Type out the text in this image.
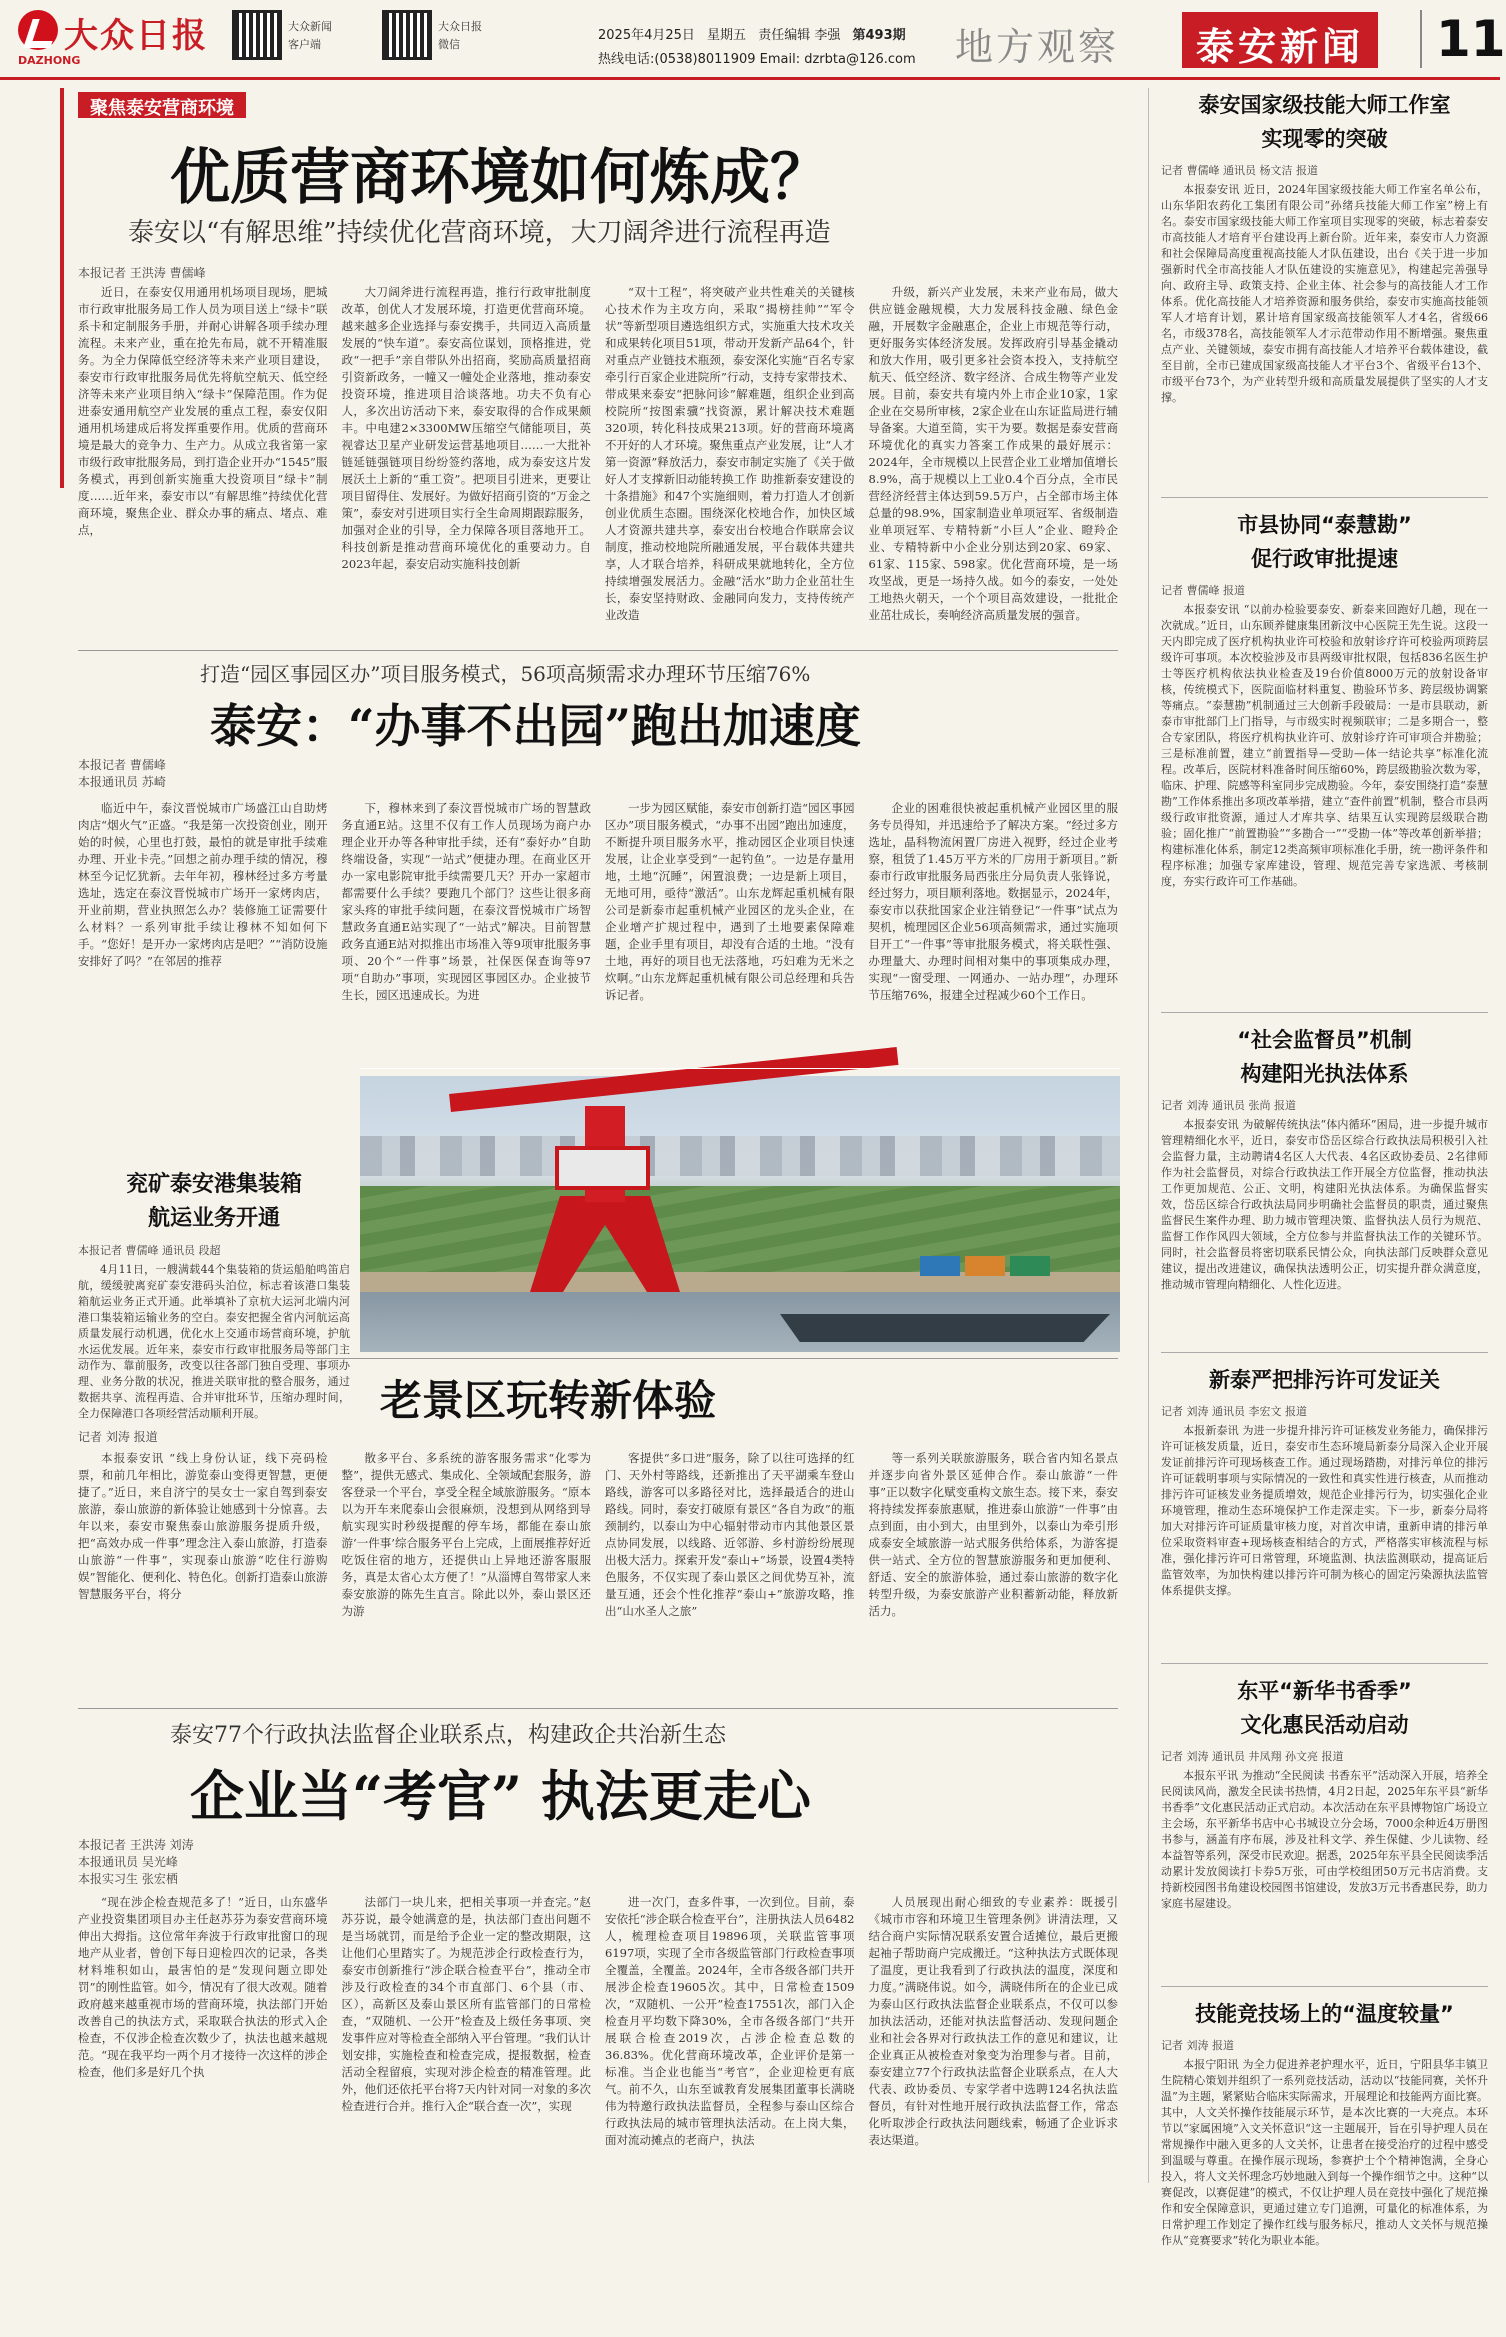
大众日报
DAZHONG
大众新闻
客户端
大众日报
微信
2025年4月25日 星期五 责任编辑 李强 第493期
热线电话:(0538)8011909 Email: dzrbta@126.com 地方观察	泰安新闻	11
聚焦泰安营商环境
优质营商环境如何炼成？
泰安以“有解思维”持续优化营商环境，大刀阔斧进行流程再造
本报记者 王洪涛 曹儒峰

近日，在泰安仅用通用机场项目现场，肥城市行政审批服务局工作人员为项目送上“绿卡”联系卡和定制服务手册，并耐心讲解各项手续办理流程。未来产业，重在抢先布局，就不开精准服务。为全力保障低空经济等未来产业项目建设，泰安市行政审批服务局优先将航空航天、低空经济等未来产业项目纳入“绿卡”保障范围。作为促进泰安通用航空产业发展的重点工程，泰安仅阳通用机场建成后将发挥重要作用。优质的营商环境是最大的竞争力、生产力。从成立我省第一家市级行政审批服务局，到打造企业开办“1545”服务模式，再到创新实施重大投资项目“绿卡”制度……近年来，泰安市以“有解思维”持续优化营商环境，聚焦企业、群众办事的痛点、堵点、难点，

大刀阔斧进行流程再造，推行行政审批制度改革，创优人才发展环境，打造更优营商环境。越来越多企业选择与泰安携手，共同迈入高质量发展的“快车道”。泰安高位谋划，顶格推进，党政“一把手”亲自带队外出招商，奖励高质量招商引资新政务，一幢又一幢处企业落地，推动泰安投资环境，推进项目洽谈落地。功夫不负有心人，多次出访活动下来，泰安取得的合作成果颇丰。中电建2×3300MW压缩空气储能项目，英视睿达卫星产业研发运营基地项目……一大批补链延链强链项目纷纷签约落地，成为泰安这片发展沃土上新的“重工资”。把项目引进来，更要让项目留得住、发展好。为做好招商引资的“万金之策”，泰安对引进项目实行全生命周期跟踪服务，加强对企业的引导，全力保障各项目落地开工。科技创新是推动营商环境优化的重要动力。自2023年起，泰安启动实施科技创新

“双十工程”，将突破产业共性难关的关键核心技术作为主攻方向，采取“揭榜挂帅”“军令状”等新型项目遴选组织方式，实施重大技术攻关和成果转化项目51项，带动开发新产品64个，针对重点产业链技术瓶颈，泰安深化实施“百名专家牵引行百家企业进院所”行动，支持专家带技术、带成果来泰安“把脉问诊”解难题，组织企业到高校院所“按图索骥”找资源，累计解决技术难题320项，转化科技成果213项。好的营商环境离不开好的人才环境。聚焦重点产业发展，让“人才第一资源”释放活力，泰安市制定实施了《关于做好人才支撑新旧动能转换工作 助推新泰安建设的十条措施》和47个实施细则，着力打造人才创新创业优质生态圈。围绕深化校地合作，加快区域人才资源共建共享，泰安出台校地合作联席会议制度，推动校地院所融通发展，平台载体共建共享，人才联合培养，科研成果就地转化，全方位持续增强发展活力。金融“活水”助力企业茁壮生长，泰安坚持财政、金融同向发力，支持传统产业改造

升级，新兴产业发展，未来产业布局，做大供应链金融规模，大力发展科技金融、绿色金融，开展数字金融惠企，企业上市规范等行动，更好服务实体经济发展。发挥政府引导基金撬动和放大作用，吸引更多社会资本投入，支持航空航天、低空经济、数字经济、合成生物等产业发展。目前，泰安共有境内外上市企业10家，1家企业在交易所审核，2家企业在山东证监局进行辅导备案。大道至简，实干为要。数据是泰安营商环境优化的真实力答案工作成果的最好展示：2024年，全市规模以上民营企业工业增加值增长8.9%，高于规模以上工业0.4个百分点，全市民营经济经营主体达到59.5万户，占全部市场主体总量的98.9%，国家制造业单项冠军、省级制造业单项冠军、专精特新“小巨人”企业、瞪羚企业、专精特新中小企业分别达到20家、69家、61家、115家、598家。优化营商环境，是一场攻坚战，更是一场持久战。如今的泰安，一处处工地热火朝天，一个个项目高效建设，一批批企业茁壮成长，奏响经济高质量发展的强音。

打造“园区事园区办”项目服务模式，56项高频需求办理环节压缩76%
泰安：“办事不出园”跑出加速度
本报记者 曹儒峰
本报通讯员 苏崎

临近中午，泰汶晋悦城市广场盛江山自助烤肉店“烟火气”正盛。“我是第一次投资创业，刚开始的时候，心里也打鼓，最怕的就是审批手续难办理、开业卡壳。”回想之前办理手续的情况，穆林至今记忆犹新。去年年初，穆林经过多方考量选址，选定在泰汶晋悦城市广场开一家烤肉店，开业前期，营业执照怎么办？装修施工证需要什么材料？一系列审批手续让穆林不知如何下手。“您好！是开办一家烤肉店是吧？”“消防设施安排好了吗？”在邻居的推荐

下，穆林来到了泰汶晋悦城市广场的智慧政务直通E站。这里不仅有工作人员现场为商户办理企业开办等各种审批手续，还有“泰好办”自助终端设备，实现“一站式”便捷办理。在商业区开办一家电影院审批手续需要几天？开办一家超市都需要什么手续？要跑几个部门？这些让很多商家头疼的审批手续问题，在泰汶晋悦城市广场智慧政务直通E站实现了“一站式”解决。目前智慧政务直通E站对拟推出市场准入等9项审批服务事项、20个“一件事”场景，社保医保查询等97项“自助办”事项，实现园区事园区办。企业披节生长，园区迅速成长。为进

一步为园区赋能，泰安市创新打造“园区事园区办”项目服务模式，“办事不出园”跑出加速度，不断提升项目服务水平，推动园区企业项目快速发展，让企业享受到“一起钓鱼”。一边是存量用地，土地“沉睡”，闲置浪费；一边是新上项目，无地可用，亟待“激活”。山东龙辉起重机械有限公司是新泰市起重机械产业园区的龙头企业，在企业增产扩规过程中，遇到了土地要素保障难题，企业手里有项目，却没有合适的土地。“没有土地，再好的项目也无法落地，巧妇难为无米之炊啊。”山东龙辉起重机械有限公司总经理和兵告诉记者。

企业的困难很快被起重机械产业园区里的服务专员得知，并迅速给予了解决方案。“经过多方选址，晶科物流闲置厂房进入视野，经过企业考察，租赁了1.45万平方米的厂房用于新项目。”新泰市行政审批服务局西张庄分局负责人张锋说，经过努力，项目顺利落地。数据显示，2024年，泰安市以获批国家企业注销登记“一件事”试点为契机，梳理园区企业56项高频需求，通过实施项目开工“一件事”等审批服务模式，将关联性强、办理量大、办理时间相对集中的事项集成办理，实现“一窗受理、一网通办、一站办理”，办理环节压缩76%，报建全过程减少60个工作日。

兖矿泰安港集装箱
航运业务开通
本报记者 曹儒峰 通讯员 段超

4月11日，一艘满载44个集装箱的货运船舶鸣笛启航，缓缓驶离兖矿泰安港码头泊位，标志着该港口集装箱航运业务正式开通。此举填补了京杭大运河北端内河港口集装箱运输业务的空白。泰安把握全省内河航运高质量发展行动机遇，优化水上交通市场营商环境，护航水运优发展。近年来，泰安市行政审批服务局等部门主动作为、靠前服务，改变以往各部门独自受理、事项办理、业务分散的状况，推进关联审批的整合服务，通过数据共享、流程再造、合并审批环节，压缩办理时间，全力保障港口各项经营活动顺利开展。	老景区玩转新体验
记者 刘涛 报道

本报泰安讯 “线上身份认证，线下亮码检票，和前几年相比，游览泰山变得更智慧，更便捷了。”近日，来自济宁的吴女士一家自驾到泰安旅游，泰山旅游的新体验让她感到十分惊喜。去年以来，泰安市聚焦泰山旅游服务提质升级，把“高效办成一件事”理念注入泰山旅游，打造泰山旅游“一件事”，实现泰山旅游“吃住行游购娱”智能化、便利化、特色化。创新打造泰山旅游智慧服务平台，将分

散多平台、多系统的游客服务需求“化零为整”，提供无感式、集成化、全领域配套服务，游客登录一个平台，享受全程全域旅游服务。“原本以为开车来爬泰山会很麻烦，没想到从网络到导航实现实时秒级提醒的停车场，都能在泰山旅游‘一件事’综合服务平台上完成，上面展推荐好近吃饭住宿的地方，还提供山上异地还游客服服务，真是太省心太方便了！”从淄博自驾带家人来泰安旅游的陈先生直言。除此以外，泰山景区还为游

客提供“多口进”服务，除了以往可选择的红门、天外村等路线，还新推出了天平湖乘车登山路线，游客可以多路径对比，选择最适合的进山路线。同时，泰安打破原有景区“各自为政”的瓶颈制约，以泰山为中心辐射带动市内其他景区景点协同发展，以线路、近邻游、乡村游纷纷展现出极大活力。探索开发“泰山+”场景，设置4类特色服务，不仅实现了泰山景区之间优势互补，流量互通，还会个性化推荐“泰山+”旅游攻略，推出“山水圣人之旅”

等一系列关联旅游服务，联合省内知名景点并逐步向省外景区延伸合作。泰山旅游“一件事”正以数字化赋变重构文旅生态。接下来，泰安将持续发挥泰旅惠赋，推进泰山旅游“一件事”由点到面，由小到大，由里到外，以泰山为牵引形成泰安全域旅游一站式服务供给体系，为游客提供一站式、全方位的智慧旅游服务和更加便利、舒适、安全的旅游体验，通过泰山旅游的数字化转型升级，为泰安旅游产业积蓄新动能，释放新活力。

泰安77个行政执法监督企业联系点，构建政企共治新生态
企业当“考官” 执法更走心
本报记者 王洪涛 刘涛
本报通讯员 吴光峰
本报实习生 张宏栖

“现在涉企检查规范多了！”近日，山东盛华产业投资集团项目办主任赵苏芬为泰安营商环境伸出大拇指。这位常年奔波于行政审批窗口的现地产从业者，曾创下每日迎检四次的记录，各类材料堆积如山，最害怕的是“发现问题立即处罚”的刚性监管。如今，情况有了很大改观。随着政府越来越重视市场的营商环境，执法部门开始改善自己的执法方式，采取联合执法的形式入企检查，不仅涉企检查次数少了，执法也越来越规范。“现在我平均一两个月才接待一次这样的涉企检查，他们多是好几个执

法部门一块儿来，把相关事项一并查完。”赵苏芬说，最令她满意的是，执法部门查出问题不是当场就罚，而是给予企业一定的整改期限，这让他们心里踏实了。为规范涉企行政检查行为，泰安市创新推行“涉企联合检查平台”，推动全市涉及行政检查的34个市直部门、6个县（市、区），高新区及泰山景区所有监管部门的日常检查，“双随机、一公开”检查及上级任务事项、突发事件应对等检查全部纳入平台管理。“我们认计划安排，实施检查和检查完成，提报数据，检查活动全程留痕，实现对涉企检查的精准管理。此外，他们还依托平台将7天内针对同一对象的多次检查进行合并。推行入企“联合查一次”，实现

进一次门，查多件事，一次到位。目前，泰安依托“涉企联合检查平台”，注册执法人员6482人，梳理检查项目19896项，关联监管事项6197项，实现了全市各级监管部门行政检查事项全覆盖，全覆盖。2024年，全市各级各部门共开展涉企检查19605次。其中，日常检查1509次，“双随机、一公开”检查17551次，部门入企检查月平均数下降30%，全市各级各部门“共开展联合检查2019次，占涉企检查总数的36.83%。优化营商环境改革，企业评价是第一标准。当企业也能当“考官”，企业迎检更有底气。前不久，山东至诚教育发展集团董事长满晓伟为特邀行政执法监督员，全程参与泰山区综合行政执法局的城市管理执法活动。在上岗大集，面对流动摊点的老商户，执法

人员展现出耐心细致的专业素养：既援引《城市市容和环境卫生管理条例》讲清法理，又结合商户实际情况联系安置合适摊位，最后更搬起袖子帮助商户完成搬迁。“这种执法方式既体现了温度，更让我看到了行政执法的温度，深度和力度。”满晓伟说。如今，满晓伟所在的企业已成为泰山区行政执法监督企业联系点，不仅可以参加执法活动，还能对执法监督活动、发现问题企业和社会各界对行政执法工作的意见和建议，让企业真正从被检查对象变为治理参与者。目前，泰安建立77个行政执法监督企业联系点，在人大代表、政协委员、专家学者中选聘124名执法监督员，有针对性地开展行政执法监督工作，常态化听取涉企行政执法问题线索，畅通了企业诉求表达渠道。

泰安国家级技能大师工作室
实现零的突破
记者 曹儒峰 通讯员 杨文洁 报道

本报泰安讯 近日，2024年国家级技能大师工作室名单公布，山东华阳农药化工集团有限公司“孙绪兵技能大师工作室”榜上有名。泰安市国家级技能大师工作室项目实现零的突破，标志着泰安市高技能人才培育平台建设再上新台阶。近年来，泰安市人力资源和社会保障局高度重视高技能人才队伍建设，出台《关于进一步加强新时代全市高技能人才队伍建设的实施意见》，构建起完善强导向、政府主导、政策支持、企业主体、社会参与的高技能人才工作体系。优化高技能人才培养资源和服务供给，泰安市实施高技能领军人才培育计划，累计培育国家级高技能领军人才4名，省级66名，市级378名，高技能领军人才示范带动作用不断增强。聚焦重点产业、关键领域，泰安市拥有高技能人才培养平台载体建设，截至目前，全市已建成国家级高技能人才平台3个、省级平台13个、市级平台73个，为产业转型升级和高质量发展提供了坚实的人才支撑。

市县协同“泰慧勘”
促行政审批提速
记者 曹儒峰 报道

本报泰安讯 “以前办检验要泰安、新泰来回跑好几趟，现在一次就成。”近日，山东顾养健康集团新汶中心医院王先生说。这段一天内即完成了医疗机构执业许可校验和放射诊疗许可校验两项跨层级许可事项。本次校验涉及市县两级审批权限，包括836名医生护士等医疗机构依法执业检查及19台价值8000万元的放射设备审核，传统模式下，医院面临材料重复、勘验环节多、跨层级协调繁等痛点。“泰慧勘”机制通过三大创新手段破局：一是市县联动，新泰市审批部门上门指导，与市级实时视频联审；二是多期合一，整合专家团队，将医疗机构执业许可、放射诊疗许可审项合并勘验；三是标准前置，建立“前置指导—受助—体一结论共享”标准化流程。改革后，医院材料准备时间压缩60%，跨层级勘验次数为零，临床、护理、院感等科室同步完成勘验。今年，泰安围绕打造“泰慧勘”工作体系推出多项改革举措，建立“查件前置”机制，整合市县两级行政审批资源，通过人才库共享、结果互认实现跨层级联合勘验；固化推广“前置勘验”“多勘合一”“受勘一体”等改革创新举措；构建标准化体系，制定12类高频审项标准化手册，统一勘评条件和程序标准；加强专家库建设，管理、规范完善专家选派、考核制度，夯实行政许可工作基础。

“社会监督员”机制
构建阳光执法体系
记者 刘涛 通讯员 张尚 报道

本报泰安讯 为破解传统执法“体内循环”困局，进一步提升城市管理精细化水平，近日，泰安市岱岳区综合行政执法局积极引入社会监督力量，主动聘请4名区人大代表、4名区政协委员、2名律师作为社会监督员，对综合行政执法工作开展全方位监督，推动执法工作更加规范、公正、文明，构建阳光执法体系。为确保监督实效，岱岳区综合行政执法局同步明确社会监督员的职责，通过聚焦监督民生案件办理、助力城市管理决策、监督执法人员行为规范、监督工作作风四大领域，全方位参与并监督执法工作的关键环节。同时，社会监督员将密切联系民情公众，向执法部门反映群众意见建议，提出改进建议，确保执法透明公正，切实提升群众满意度，推动城市管理向精细化、人性化迈进。

新泰严把排污许可发证关
记者 刘涛 通讯员 李宏文 报道

本报新泰讯 为进一步提升排污许可证核发业务能力，确保排污许可证核发质量，近日，泰安市生态环境局新泰分局深入企业开展发证前排污许可现场核查工作。通过现场踏勘，对排污单位的排污许可证载明事项与实际情况的一致性和真实性进行核查，从而推动排污许可证核发业务提质增效，规范企业排污行为，切实强化企业环境管理，推动生态环境保护工作走深走实。下一步，新泰分局将加大对排污许可证质量审核力度，对首次申请，重新申请的排污单位采取资料审查+现场核查相结合的方式，严格落实审核流程与标准，强化排污许可日常管理，环境监测、执法监测联动，提高证后监管效率，为加快构建以排污许可制为核心的固定污染源执法监管体系提供支撑。

东平“新华书香季”
文化惠民活动启动
记者 刘涛 通讯员 井凤翔 孙文亮 报道

本报东平讯 为推动“全民阅读 书香东平”活动深入开展，培养全民阅读风尚，激发全民读书热情，4月2日起，2025年东平县“新华书香季”文化惠民活动正式启动。本次活动在东平县博物馆广场设立主会场，东平新华书店中心书城设立分会场，7000余种近4万册图书参与，涵盖有序布展，涉及社科文学、养生保健、少儿读物、经本益智等系列，深受市民欢迎。据悉，2025年东平县全民阅读季活动累计发放阅读打卡券5万张，可由学校组团50万元书店消费。支持新校园图书角建设校园图书馆建设，发放3万元书香惠民券，助力家庭书屋建设。

技能竞技场上的“温度较量”
记者 刘涛 报道

本报宁阳讯 为全力促进养老护理水平，近日，宁阳县华丰镇卫生院精心策划并组织了一系列竞技活动，活动以“技能同赛，关怀升温”为主题，紧紧贴合临床实际需求，开展理论和技能两方面比赛。其中，人文关怀操作技能展示环节，是本次比赛的一大亮点。本环节以“家属困境”入文关怀意识“这一主题展开，旨在引导护理人员在常规操作中融入更多的人文关怀，让患者在接受治疗的过程中感受到温暖与尊重。在操作展示现场，参赛护士个个精神饱满，全身心投入，将人文关怀理念巧妙地融入到每一个操作细节之中。这种“以赛促改，以赛促建”的模式，不仅让护理人员在竞技中强化了规范操作和安全保障意识，更通过建立专门追溯，可量化的标准体系，为日常护理工作划定了操作红线与服务标尺，推动人文关怀与规范操作从“竞赛要求”转化为职业本能。
